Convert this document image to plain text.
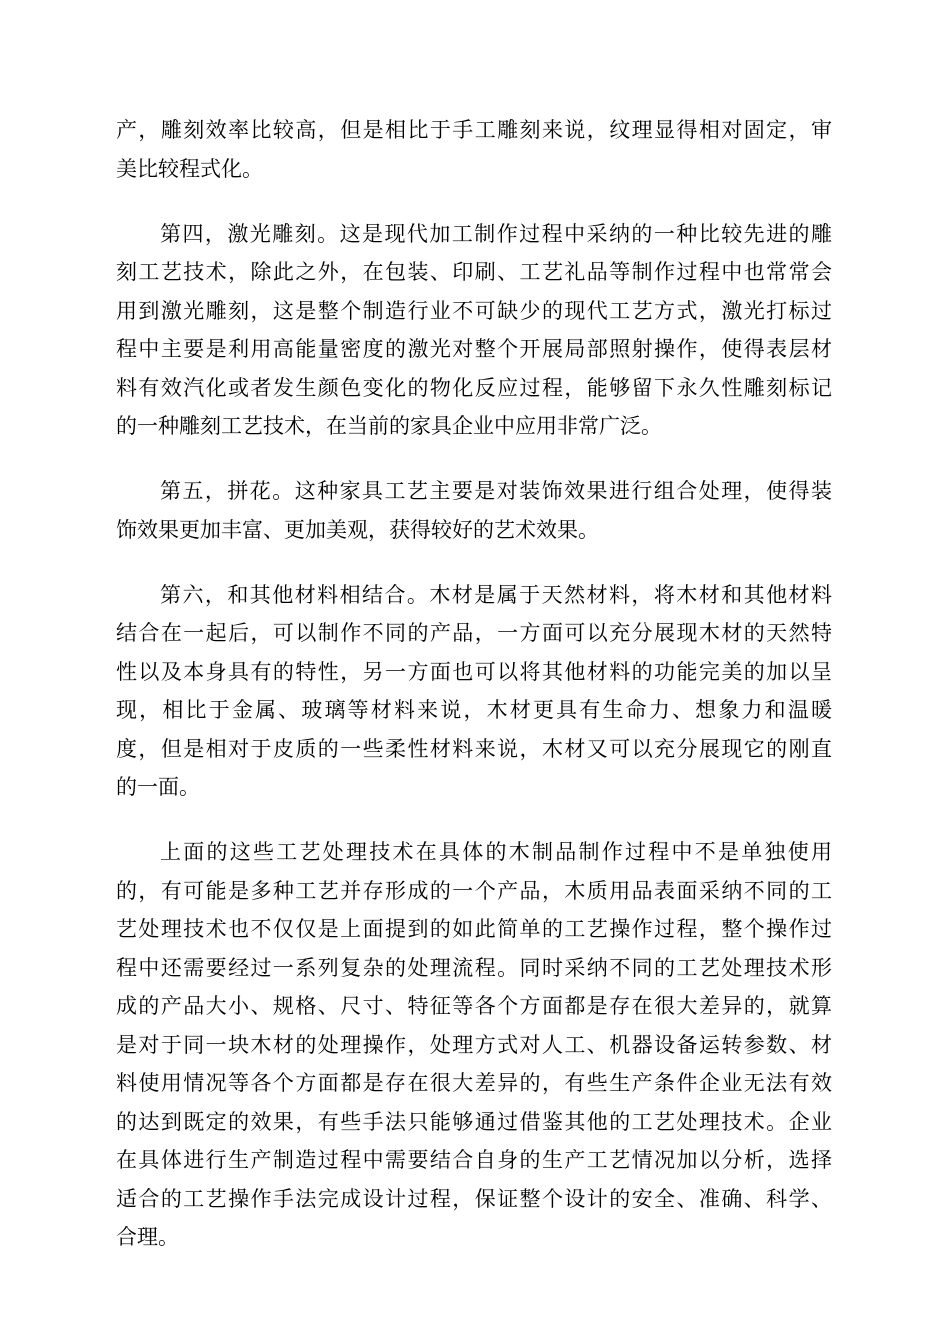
产，雕刻效率比较高，但是相比于手工雕刻来说，纹理显得相对固定，审
美比较程式化。
第四，激光雕刻。这是现代加工制作过程中采纳的一种比较先进的雕
刻工艺技术，除此之外，在包装、印刷、工艺礼品等制作过程中也常常会
用到激光雕刻，这是整个制造行业不可缺少的现代工艺方式，激光打标过
程中主要是利用高能量密度的激光对整个开展局部照射操作，使得表层材
料有效汽化或者发生颜色变化的物化反应过程，能够留下永久性雕刻标记
的一种雕刻工艺技术，在当前的家具企业中应用非常广泛。
第五，拼花。这种家具工艺主要是对装饰效果进行组合处理，使得装
饰效果更加丰富、更加美观，获得较好的艺术效果。
第六，和其他材料相结合。木材是属于天然材料，将木材和其他材料
结合在一起后，可以制作不同的产品，一方面可以充分展现木材的天然特
性以及本身具有的特性，另一方面也可以将其他材料的功能完美的加以呈
现，相比于金属、玻璃等材料来说，木材更具有生命力、想象力和温暖
度，但是相对于皮质的一些柔性材料来说，木材又可以充分展现它的刚直
的一面。
上面的这些工艺处理技术在具体的木制品制作过程中不是单独使用
的，有可能是多种工艺并存形成的一个产品，木质用品表面采纳不同的工
艺处理技术也不仅仅是上面提到的如此简单的工艺操作过程，整个操作过
程中还需要经过一系列复杂的处理流程。同时采纳不同的工艺处理技术形
成的产品大小、规格、尺寸、特征等各个方面都是存在很大差异的，就算
是对于同一块木材的处理操作，处理方式对人工、机器设备运转参数、材
料使用情况等各个方面都是存在很大差异的，有些生产条件企业无法有效
的达到既定的效果，有些手法只能够通过借鉴其他的工艺处理技术。企业
在具体进行生产制造过程中需要结合自身的生产工艺情况加以分析，选择
适合的工艺操作手法完成设计过程，保证整个设计的安全、准确、科学、
合理。
